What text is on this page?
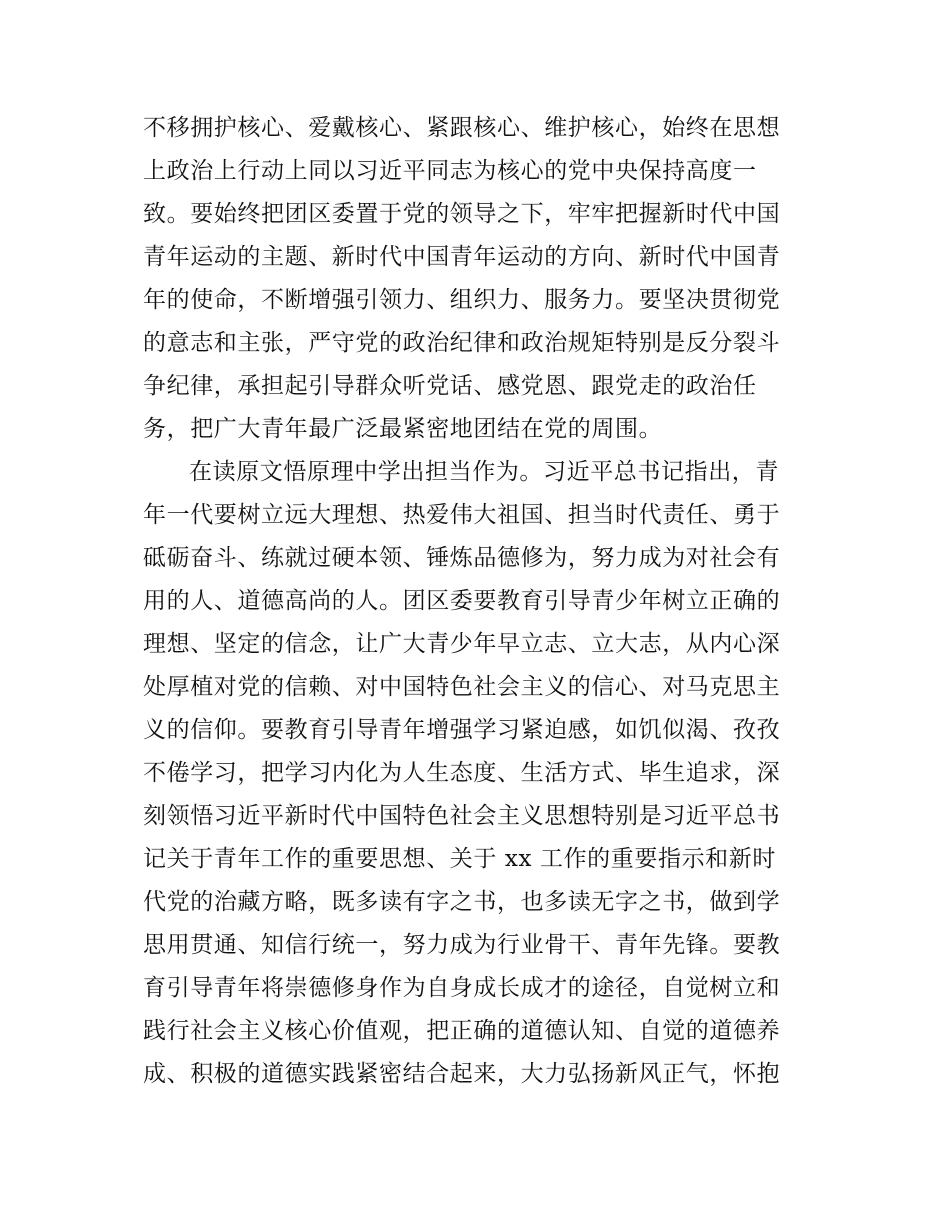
不移拥护核心、爱戴核心、紧跟核心、维护核心，始终在思想
上政治上行动上同以习近平同志为核心的党中央保持高度一
致。要始终把团区委置于党的领导之下，牢牢把握新时代中国
青年运动的主题、新时代中国青年运动的方向、新时代中国青
年的使命，不断增强引领力、组织力、服务力。要坚决贯彻党
的意志和主张，严守党的政治纪律和政治规矩特别是反分裂斗
争纪律，承担起引导群众听党话、感党恩、跟党走的政治任
务，把广大青年最广泛最紧密地团结在党的周围。
在读原文悟原理中学出担当作为。习近平总书记指出，青
年一代要树立远大理想、热爱伟大祖国、担当时代责任、勇于
砥砺奋斗、练就过硬本领、锤炼品德修为，努力成为对社会有
用的人、道德高尚的人。团区委要教育引导青少年树立正确的
理想、坚定的信念，让广大青少年早立志、立大志，从内心深
处厚植对党的信赖、对中国特色社会主义的信心、对马克思主
义的信仰。要教育引导青年增强学习紧迫感，如饥似渴、孜孜
不倦学习，把学习内化为人生态度、生活方式、毕生追求，深
刻领悟习近平新时代中国特色社会主义思想特别是习近平总书
记关于青年工作的重要思想、关于 xx 工作的重要指示和新时
代党的治藏方略，既多读有字之书，也多读无字之书，做到学
思用贯通、知信行统一，努力成为行业骨干、青年先锋。要教
育引导青年将崇德修身作为自身成长成才的途径，自觉树立和
践行社会主义核心价值观，把正确的道德认知、自觉的道德养
成、积极的道德实践紧密结合起来，大力弘扬新风正气，怀抱
